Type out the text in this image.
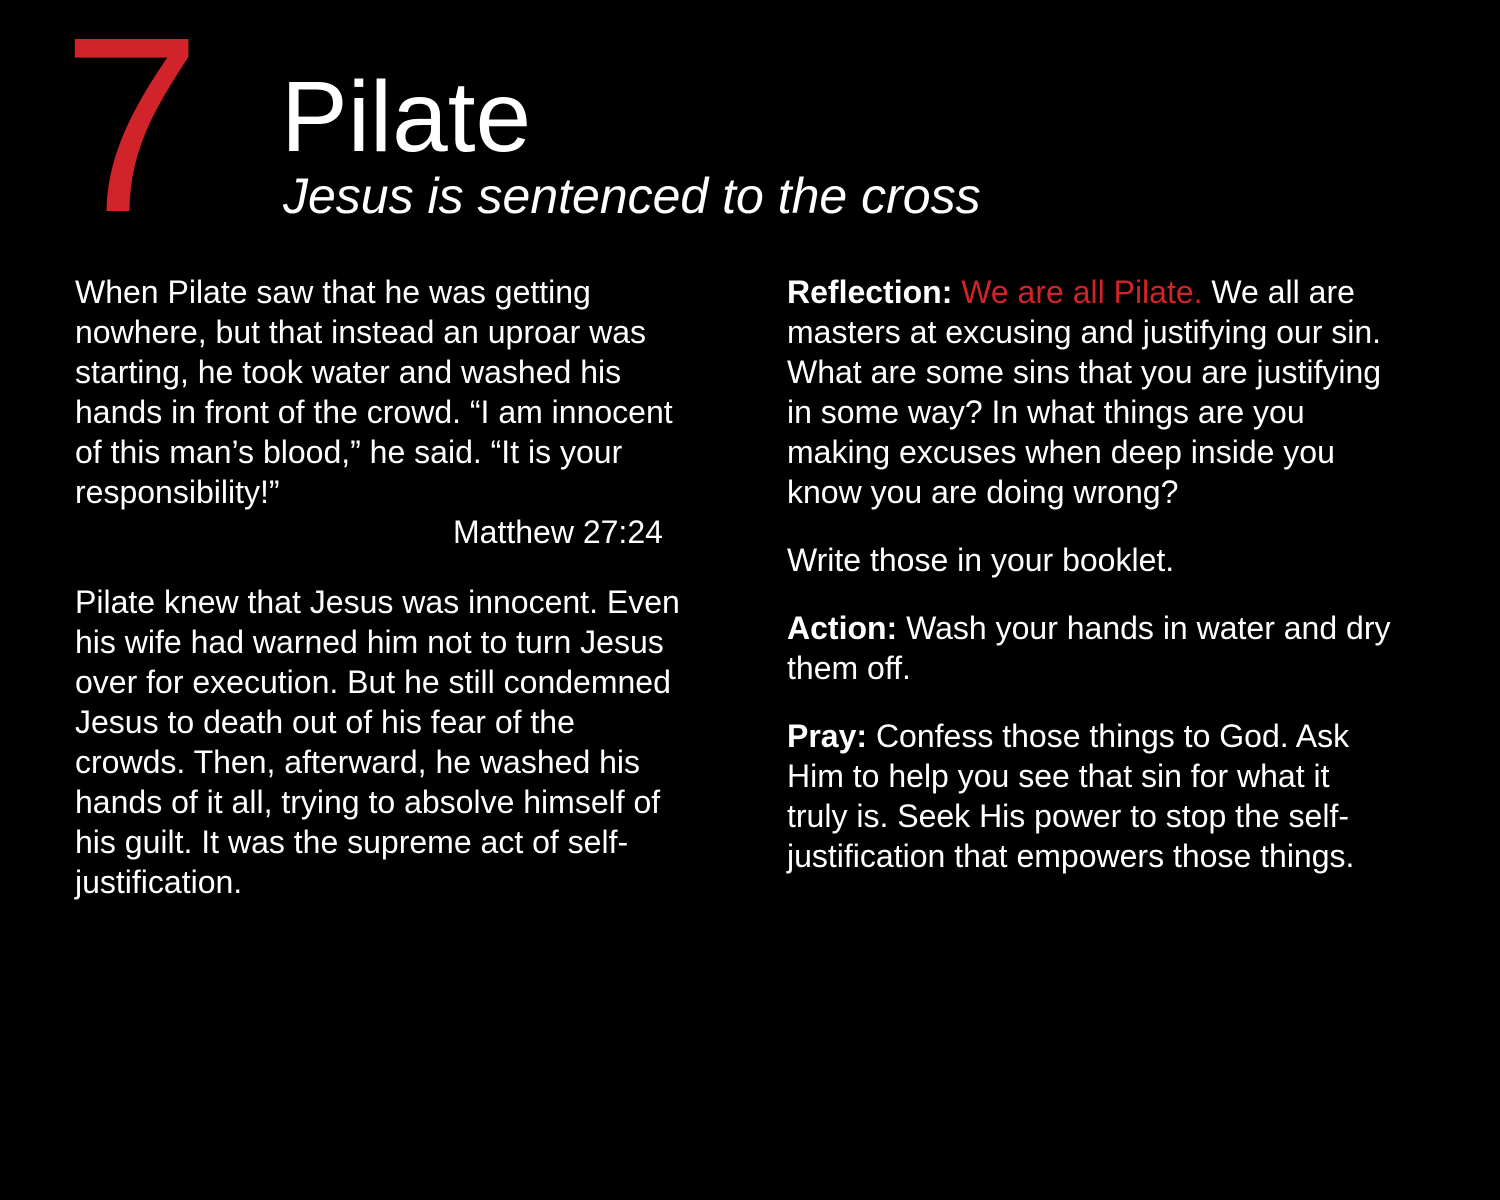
7 Pilate
Jesus is sentenced to the cross

When Pilate saw that he was getting
nowhere, but that instead an uproar was
starting, he took water and washed his
hands in front of the crowd. “I am innocent
of this man’s blood,” he said. “It is your
responsibility!”

Matthew 27:24

Pilate knew that Jesus was innocent. Even
his wife had warned him not to turn Jesus
over for execution. But he still condemned
Jesus to death out of his fear of the
crowds. Then, afterward, he washed his
hands of it all, trying to absolve himself of
his guilt. It was the supreme act of self-
justification.

Reflection: We are all Pilate. We all are
masters at excusing and justifying our sin.
What are some sins that you are justifying
in some way? In what things are you
making excuses when deep inside you
know you are doing wrong?

Write those in your booklet.

Action: Wash your hands in water and dry
them off.

Pray: Confess those things to God. Ask
Him to help you see that sin for what it
truly is. Seek His power to stop the self-
justification that empowers those things.
